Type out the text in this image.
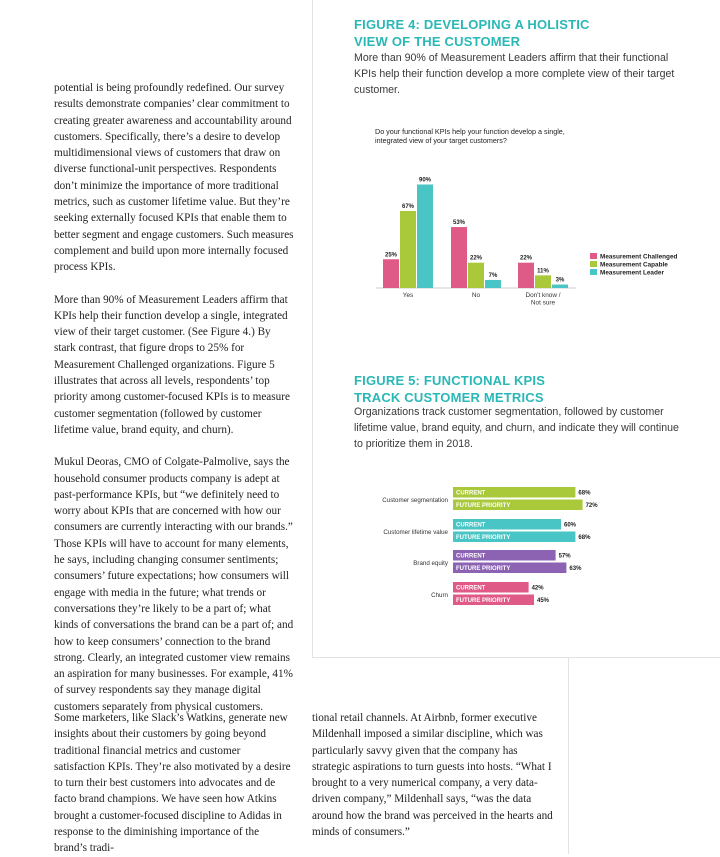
potential is being profoundly redefined. Our survey results demonstrate companies’ clear commitment to creating greater awareness and accountability around customers. Specifically, there’s a desire to develop multidimensional views of customers that draw on diverse functional-unit perspectives. Respondents don’t minimize the importance of more traditional metrics, such as customer lifetime value. But they’re seeking externally focused KPIs that enable them to better segment and engage customers. Such measures complement and build upon more internally focused process KPIs.

More than 90% of Measurement Leaders affirm that KPIs help their function develop a single, integrated view of their target customer. (See Figure 4.) By stark contrast, that figure drops to 25% for Measurement Challenged organizations. Figure 5 illustrates that across all levels, respondents’ top priority among customer-focused KPIs is to measure customer segmentation (followed by customer lifetime value, brand equity, and churn).

Mukul Deoras, CMO of Colgate-Palmolive, says the household consumer products company is adept at past-performance KPIs, but “we definitely need to worry about KPIs that are concerned with how our consumers are currently interacting with our brands.” Those KPIs will have to account for many elements, he says, including changing consumer sentiments; consumers’ future expectations; how consumers will engage with media in the future; what trends or conversations they’re likely to be a part of; what kinds of conversations the brand can be a part of; and how to keep consumers’ connection to the brand strong. Clearly, an integrated customer view remains an aspiration for many businesses. For example, 41% of survey respondents say they manage digital customers separately from physical customers.

FIGURE 4: DEVELOPING A HOLISTIC
VIEW OF THE CUSTOMER
More than 90% of Measurement Leaders affirm that their functional KPIs help their function develop a more complete view of their target customer.
Do your functional KPIs help your function develop a single,
integrated view of your target customers?
25%
67%
90%
Yes
53%
22%
7%
No
22%
11%
3%
Don't know /
Not sure
Measurement Challenged
Measurement Capable
Measurement Leader
FIGURE 5: FUNCTIONAL KPIS
TRACK CUSTOMER METRICS
Organizations track customer segmentation, followed by customer lifetime value, brand equity, and churn, and indicate they will continue to prioritize them in 2018.
Customer segmentation
CURRENT	68%
FUTURE PRIORITY	72%
Customer lifetime value
CURRENT	60%
FUTURE PRIORITY	68%
Brand equity
CURRENT	57%
FUTURE PRIORITY	63%
Churn
CURRENT	42%
FUTURE PRIORITY	45%
Some marketers, like Slack’s Watkins, generate new insights about their customers by going beyond traditional financial metrics and customer satisfaction KPIs. They’re also motivated by a desire to turn their best customers into advocates and de facto brand champions. We have seen how Atkins brought a customer-focused discipline to Adidas in response to the diminishing importance of the brand’s tradi-
tional retail channels. At Airbnb, former executive Mildenhall imposed a similar discipline, which was particularly savvy given that the company has strategic aspirations to turn guests into hosts. “What I brought to a very numerical company, a very data-driven company,” Mildenhall says, “was the data around how the brand was perceived in the hearts and minds of consumers.”
